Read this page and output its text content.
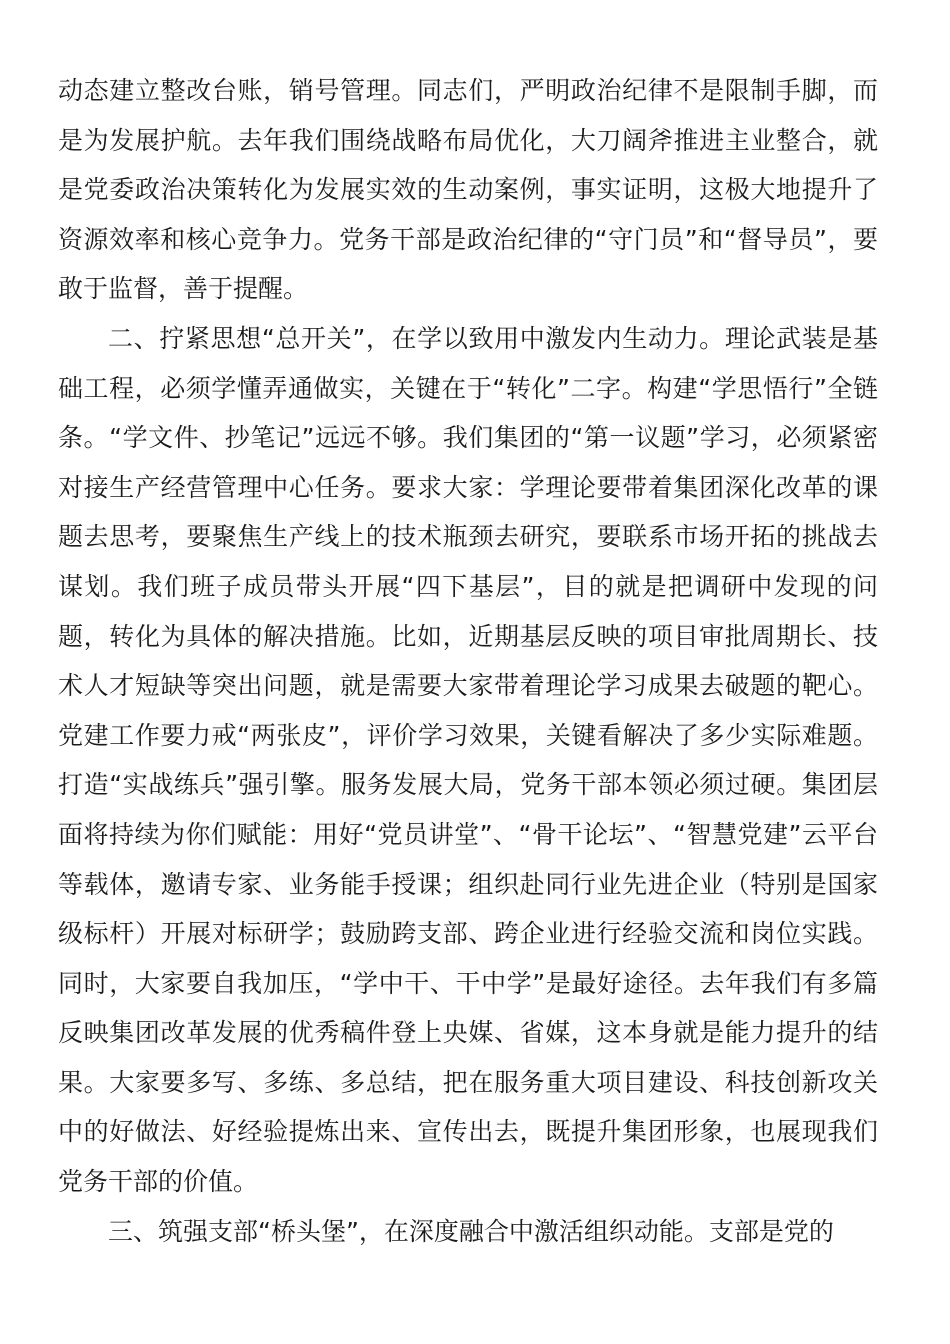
动态建立整改台账，销号管理。同志们，严明政治纪律不是限制手脚，而是为发展护航。去年我们围绕战略布局优化，大刀阔斧推进主业整合，就是党委政治决策转化为发展实效的生动案例，事实证明，这极大地提升了资源效率和核心竞争力。党务干部是政治纪律的“守门员”和“督导员”，要敢于监督，善于提醒。

二、拧紧思想“总开关”，在学以致用中激发内生动力。理论武装是基础工程，必须学懂弄通做实，关键在于“转化”二字。构建“学思悟行”全链条。“学文件、抄笔记”远远不够。我们集团的“第一议题”学习，必须紧密对接生产经营管理中心任务。要求大家：学理论要带着集团深化改革的课题去思考，要聚焦生产线上的技术瓶颈去研究，要联系市场开拓的挑战去谋划。我们班子成员带头开展“四下基层”，目的就是把调研中发现的问题，转化为具体的解决措施。比如，近期基层反映的项目审批周期长、技术人才短缺等突出问题，就是需要大家带着理论学习成果去破题的靶心。党建工作要力戒“两张皮”，评价学习效果，关键看解决了多少实际难题。打造“实战练兵”强引擎。服务发展大局，党务干部本领必须过硬。集团层面将持续为你们赋能：用好“党员讲堂”、“骨干论坛”、“智慧党建”云平台等载体，邀请专家、业务能手授课；组织赴同行业先进企业（特别是国家级标杆）开展对标研学；鼓励跨支部、跨企业进行经验交流和岗位实践。同时，大家要自我加压，“学中干、干中学”是最好途径。去年我们有多篇反映集团改革发展的优秀稿件登上央媒、省媒，这本身就是能力提升的结果。大家要多写、多练、多总结，把在服务重大项目建设、科技创新攻关中的好做法、好经验提炼出来、宣传出去，既提升集团形象，也展现我们党务干部的价值。

三、筑强支部“桥头堡”，在深度融合中激活组织动能。支部是党的
